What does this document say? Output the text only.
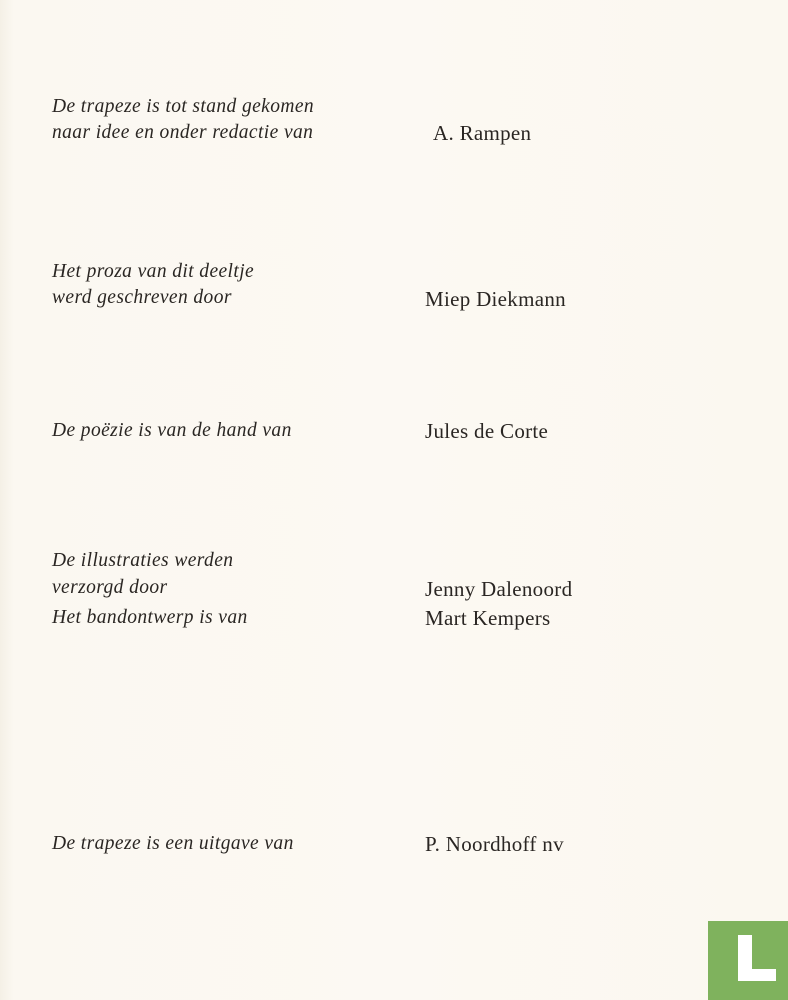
De trapeze is tot stand gekomen
naar idee en onder redactie van	A. Rampen
Het proza van dit deeltje
werd geschreven door	Miep Diekmann
De poëzie is van de hand van	Jules de Corte
De illustraties werden
verzorgd door	Jenny Dalenoord
Het bandontwerp is van	Mart Kempers
De trapeze is een uitgave van	P. Noordhoff nv
